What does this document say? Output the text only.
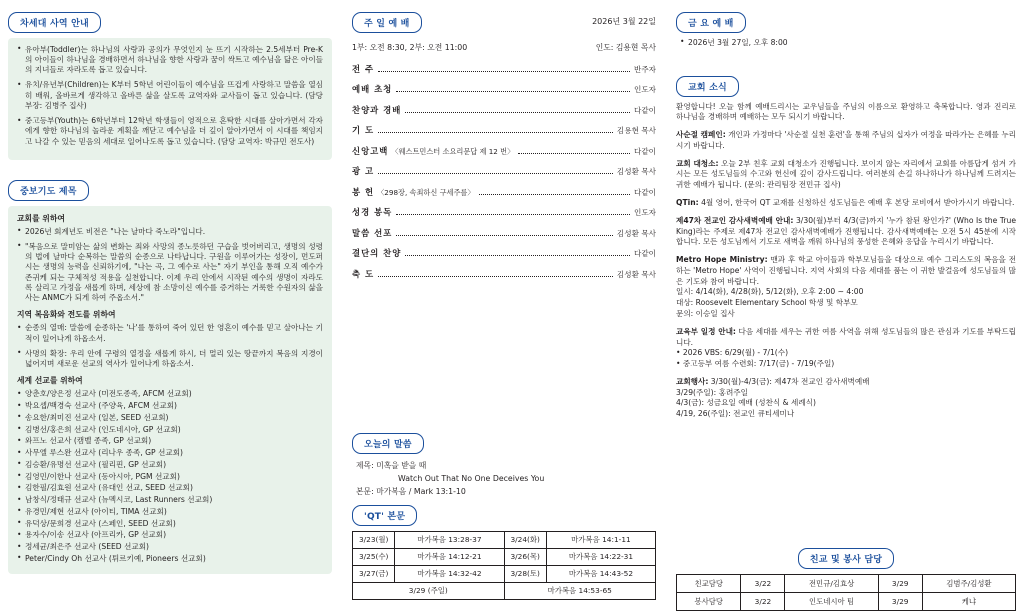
차세대 사역 안내
• 유아부(Toddler)는 하나님의 사랑과 공의가 무엇인지 눈 뜨기 시작하는 2.5세부터 Pre-K의 아이들이 하나님을 경배하면서 하나님을 향한 사랑과 꿈이 싹트고 예수님을 닮은 아이들의 지녀들로 자라도록 돕고 있습니다.
• 유치/유년부(Children)는 K부터 5학년 어린이들이 예수님을 뜨겁게 사랑하고 말씀을 열심히 배워, 올바르게 생각하고 올바른 삶을 살도록 교역자와 교사들이 돕고 있습니다. (담당 부장: 김병주 집사)
• 중고등부(Youth)는 6학년부터 12학년 학생들이 영적으로 혼탁한 시대를 살아가면서 각자에게 향한 하나님의 놀라운 계획을 깨닫고 예수님을 더 깊이 알아가면서 이 시대를 책임지고 나갈 수 있는 믿음의 세대로 일어나도록 돕고 있습니다. (담당 교역자: 박규민 전도사)
중보기도 제목
교회를 위하여
• 2026년 회계년도 비전은 "나는 날마다 죽노라"입니다.
• "복음으로 말미암는 삶의 변화는 죄와 사망의 종노릇하던 구습을 벗어버리고, 생명의 성령의 법에 날마다 순복하는 말씀의 순종으로 나타납니다. 구원을 이루어가는 성장이, 먼도퍼시는 생명의 능력을 신뢰하기에, "나는 곡, 그 예수로 사는" 자기 부인을 통해 오직 예수가 존귀케 되는 구체적성 적용을 실천합니다. 이제 우리 안에서 시작된 예수의 생명이 자라도록 살리고 가정을 새롭게 하며, 세상에 참 소망이신 예수를 증거하는 거룩한 수원자의 삶을 사는 ANMC가 되게 하여 주옵소서."
지역 복음화와 전도를 위하여
• 순종의 열매: 말씀에 순종하는 '나'를 통하여 죽어 있던 한 영혼이 예수를 믿고 살아나는 기적이 일어나게 하옵소서.
• 사명의 확장: 우리 안에 구령의 열정을 새롭게 하시, 더 멀리 있는 땅끝까지 복음의 지경이 넓어지며 새로운 선교의 역사가 일어나게 하옵소서.
세계 선교를 위하여
• 양춘호/양은정 선교사 (미전도종족, AFCM 선교회)
• 박요셉/백경숙 선교사 (주양육, AFCM 선교회)
• 송요한/최미진 선교사 (일본, SEED 선교회)
• 김병선/홍은희 선교사 (인도네시아, GP 선교회)
• 와프노 선교사 (캠벨 종족, GP 선교회)
• 사무엘 루스완 선교사 (리나우 종족, GP 선교회)
• 김승환/유명선 선교사 (필리핀, GP 선교회)
• 김영민/이한나 선교사 (동아시아, PGM 선교회)
• 김한필/김효원 선교사 (유대인 선교, SEED 선교회)
• 남창식/정태규 선교사 (뉴멕시코, Last Runners 선교회)
• 유경민/제현 선교사 (아이티, TIMA 선교회)
• 유덕상/문희경 선교사 (스페인, SEED 선교회)
• 용자수/이송 선교사 (아프리카, GP 선교회)
• 정세균/최은주 선교사 (SEED 선교회)
• Peter/Cindy Oh 선교사 (튀르키예, Pioneers 선교회)
주 일 예 배	2026년 3월 22일
1부: 오전 8:30, 2부: 오전 11:00	인도: 김용현 목사
전 주	반주자
예배 초청	인도자
찬양과 경배	다같이
기 도	김용현 목사
신앙고백 〈웨스트민스터 소요리문답 제 12 번〉	다같이
광 고	김성환 목사
봉 헌 〈298장, 속죄하신 구세주를〉	다같이
성경 봉독	인도자
말씀 선포	김성환 목사
결단의 찬양	다같이
축 도	김성환 목사
오늘의 말씀
제목: 미혹을 받을 때
Watch Out That No One Deceives You
본문: 마가복음 / Mark 13:1-10
'QT' 본문
3/23(월)	마가복음 13:28-37	3/24(화)	마가복음 14:1-11
3/25(수)	마가복음 14:12-21	3/26(목)	마가복음 14:22-31
3/27(금)	마가복음 14:32-42	3/28(토)	마가복음 14:43-52
3/29 (주일)		마가복음 14:53-65	
금 요 예 배
• 2026년 3월 27일, 오후 8:00
교회 소식
환영합니다! 오늘 함께 예배드리시는 교우님들을 주님의 이름으로 환영하고 축복합니다. 영과 진리로 하나님을 경배하며 예배하는 모두 되시기 바랍니다.
사순절 캠페인: 개인과 가정마다 '사순절 실천 훈련'을 통해 주님의 십자가 여정을 따라가는 은혜를 누리시기 바랍니다.
교회 대청소: 오늘 2부 친후 교회 대청소가 진행됩니다. 보이지 않는 자리에서 교회를 아름답게 섬겨 가시는 모든 성도님들의 수고와 헌신에 깊이 감사드립니다. 여러분의 손길 하나하나가 하나님께 드려지는 귀한 예배가 됩니다. (문의: 관리팀장 전민규 집사)
QTin: 4월 영어, 한국어 QT 교재를 신청하신 성도님들은 예배 후 본당 로비에서 받아가시기 바랍니다.
제47차 전교인 감사새벽예배 안내: 3/30(월)부터 4/3(금)까지 '누가 참된 왕인가?' (Who Is the True King)라는 주제로 제47차 전교인 감사새벽예배가 진행됩니다. 감사새벽예배는 오전 5시 45분에 시작합니다. 모든 성도님께서 기도로 새벽을 깨워 하나님의 풍성한 은혜와 응답을 누리시기 바랍니다.
Metro Hope Ministry: 맨과 후 학교 아이들과 학부모님들을 대상으로 예수 그리스도의 복음을 전하는 'Metro Hope' 사역이 진행됩니다. 지역 사회의 다음 세대를 품는 이 귀한 발걸음에 성도님들의 많은 기도와 참여 바랍니다.
일시: 4/14(화), 4/28(화), 5/12(화), 오후 2:00 ~ 4:00
대상: Roosevelt Elementary School 학생 및 학부모
문의: 이승일 집사
교육부 일정 안내: 다음 세대를 세우는 귀한 여름 사역을 위해 성도님들의 많은 관심과 기도를 부탁드립니다.
• 2026 VBS: 6/29(월) - 7/1(수)
• 중고등부 여름 수련회: 7/17(금) - 7/19(주일)
교회행사: 3/30(월)-4/3(금): 제47차 전교인 감사새벽예배
3/29(주일): 홍려주일
4/3(금): 성금요일 예배 (성찬식 & 세례식)
4/19, 26(주일): 전교인 큐티세미나
친교 및 봉사 담당
친교담당	3/22	전민규/김효상	3/29	김범주/김성환
봉사담당	3/22	인도네시아 팀	3/29	케냐
